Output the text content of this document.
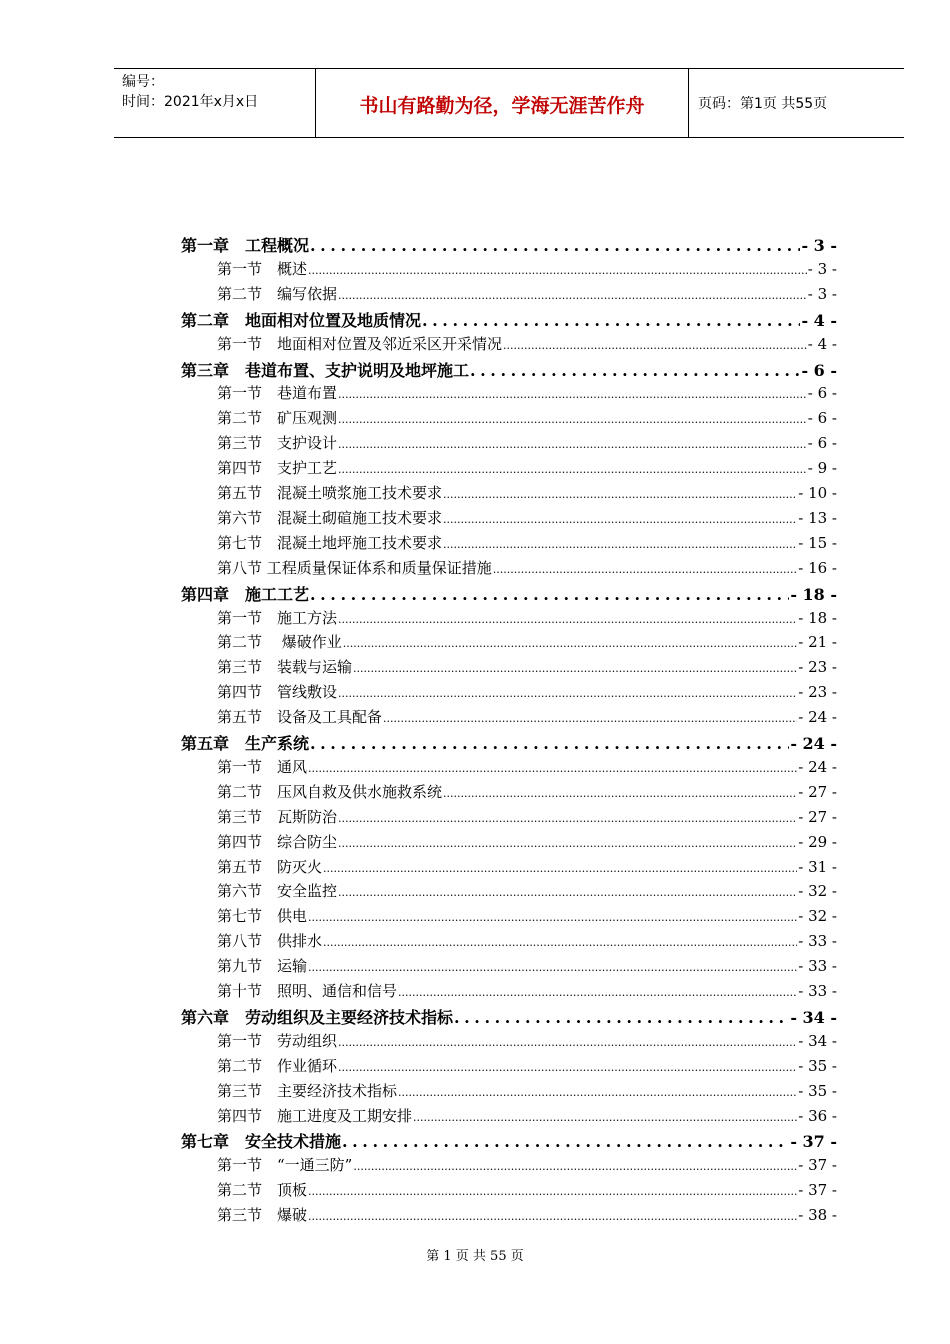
编号：
时间：2021年x月x日	书山有路勤为径，学海无涯苦作舟	页码：第1页 共55页
第一章　工程概况 . . .	- 3 -
第一节　概述 .....	- 3 -
第二节　编写依据 .....	- 3 -
第二章　地面相对位置及地质情况 . . .	- 4 -
第一节　地面相对位置及邻近采区开采情况 .....	- 4 -
第三章　巷道布置、支护说明及地坪施工 . . .	- 6 -
第一节　巷道布置 .....	- 6 -
第二节　矿压观测 .....	- 6 -
第三节　支护设计 .....	- 6 -
第四节　支护工艺 .....	- 9 -
第五节　混凝土喷浆施工技术要求 .....	- 10 -
第六节　混凝土砌碹施工技术要求 .....	- 13 -
第七节　混凝土地坪施工技术要求 .....	- 15 -
第八节 工程质量保证体系和质量保证措施 .....	- 16 -
第四章　施工工艺 . . .	- 18 -
第一节　施工方法 .....	- 18 -
第二节　 爆破作业 .....	- 21 -
第三节　装载与运输 .....	- 23 -
第四节　管线敷设 .....	- 23 -
第五节　设备及工具配备 .....	- 24 -
第五章　生产系统 . . .	- 24 -
第一节　通风 .....	- 24 -
第二节　压风自救及供水施救系统 .....	- 27 -
第三节　瓦斯防治 .....	- 27 -
第四节　综合防尘 .....	- 29 -
第五节　防灭火 .....	- 31 -
第六节　安全监控 .....	- 32 -
第七节　供电 .....	- 32 -
第八节　供排水 .....	- 33 -
第九节　运输 .....	- 33 -
第十节　照明、通信和信号 .....	- 33 -
第六章　劳动组织及主要经济技术指标 . . .	- 34 -
第一节　劳动组织 .....	- 34 -
第二节　作业循环 .....	- 35 -
第三节　主要经济技术指标 .....	- 35 -
第四节　施工进度及工期安排 .....	- 36 -
第七章　安全技术措施 . . .	- 37 -
第一节　“一通三防” .....	- 37 -
第二节　顶板 .....	- 37 -
第三节　爆破 .....	- 38 -
第 1 页 共 55 页
